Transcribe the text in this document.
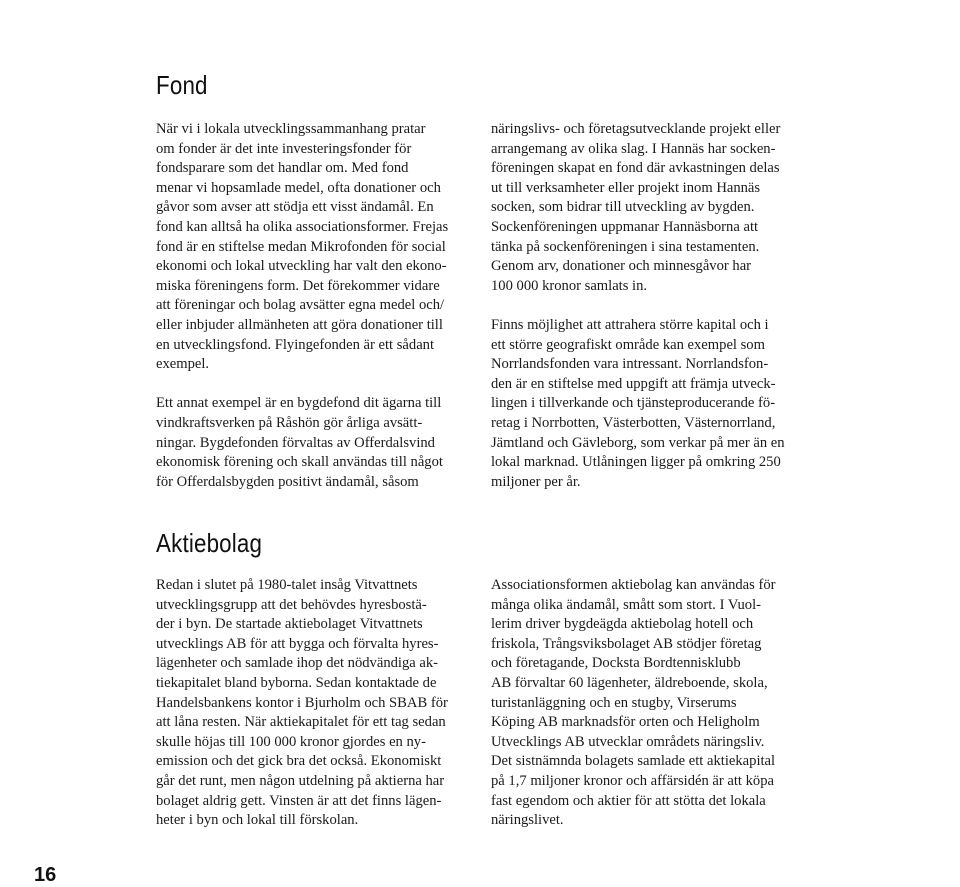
Fond

När vi i lokala utvecklingssammanhang pratar
om fonder är det inte investeringsfonder för
fondsparare som det handlar om. Med fond
menar vi hopsamlade medel, ofta donationer och
gåvor som avser att stödja ett visst ändamål. En
fond kan alltså ha olika associationsformer. Frejas
fond är en stiftelse medan Mikrofonden för social
ekonomi och lokal utveckling har valt den ekono-
miska föreningens form. Det förekommer vidare
att föreningar och bolag avsätter egna medel och/
eller inbjuder allmänheten att göra donationer till
en utvecklingsfond. Flyingefonden är ett sådant
exempel.

Ett annat exempel är en bygdefond dit ägarna till
vindkraftsverken på Råshön gör årliga avsätt-
ningar. Bygdefonden förvaltas av Offerdalsvind
ekonomisk förening och skall användas till något
för Offerdalsbygden positivt ändamål, såsom

näringslivs- och företagsutvecklande projekt eller
arrangemang av olika slag. I Hannäs har socken-
föreningen skapat en fond där avkastningen delas
ut till verksamheter eller projekt inom Hannäs
socken, som bidrar till utveckling av bygden.
Sockenföreningen uppmanar Hannäsborna att
tänka på sockenföreningen i sina testamenten.
Genom arv, donationer och minnesgåvor har
100 000 kronor samlats in.

Finns möjlighet att attrahera större kapital och i
ett större geografiskt område kan exempel som
Norrlandsfonden vara intressant. Norrlandsfon-
den är en stiftelse med uppgift att främja utveck-
lingen i tillverkande och tjänsteproducerande fö-
retag i Norrbotten, Västerbotten, Västernorrland,
Jämtland och Gävleborg, som verkar på mer än en
lokal marknad. Utlåningen ligger på omkring 250
miljoner per år.

Aktiebolag

Redan i slutet på 1980-talet insåg Vitvattnets
utvecklingsgrupp att det behövdes hyresbostä-
der i byn. De startade aktiebolaget Vitvattnets
utvecklings AB för att bygga och förvalta hyres-
lägenheter och samlade ihop det nödvändiga ak-
tiekapitalet bland byborna. Sedan kontaktade de
Handelsbankens kontor i Bjurholm och SBAB för
att låna resten. När aktiekapitalet för ett tag sedan
skulle höjas till 100 000 kronor gjordes en ny-
emission och det gick bra det också. Ekonomiskt
går det runt, men någon utdelning på aktierna har
bolaget aldrig gett. Vinsten är att det finns lägen-
heter i byn och lokal till förskolan.

Associationsformen aktiebolag kan användas för
många olika ändamål, smått som stort. I Vuol-
lerim driver bygdeägda aktiebolag hotell och
friskola, Trångsviksbolaget AB stödjer företag
och företagande, Docksta Bordtennisklubb
AB förvaltar 60 lägenheter, äldreboende, skola,
turistanläggning och en stugby, Virserums
Köping AB marknadsför orten och Heligholm
Utvecklings AB utvecklar områdets näringsliv.
Det sistnämnda bolagets samlade ett aktiekapital
på 1,7 miljoner kronor och affärsidén är att köpa
fast egendom och aktier för att stötta det lokala
näringslivet.

16
